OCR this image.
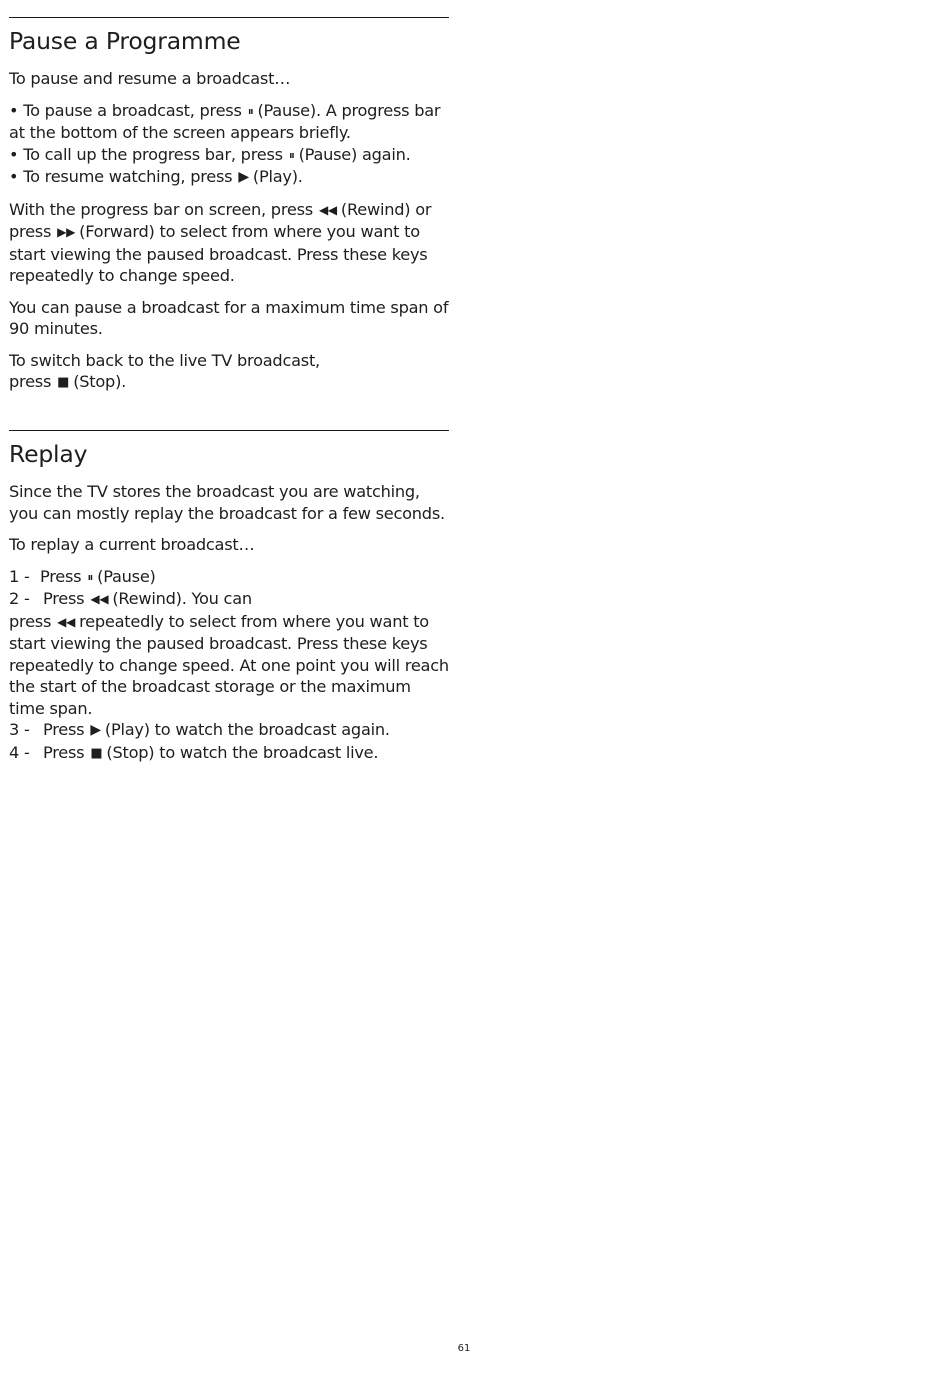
Pause a Programme

To pause and resume a broadcast…

• To pause a broadcast, press ⏸ (Pause). A progress bar at the bottom of the screen appears briefly.
• To call up the progress bar, press ⏸ (Pause) again.
• To resume watching, press ▶ (Play).

With the progress bar on screen, press ◀◀ (Rewind) or press ▶▶ (Forward) to select from where you want to start viewing the paused broadcast. Press these keys repeatedly to change speed.

You can pause a broadcast for a maximum time span of 90 minutes.

To switch back to the live TV broadcast,
press ■ (Stop).

Replay

Since the TV stores the broadcast you are watching, you can mostly replay the broadcast for a few seconds.

To replay a current broadcast…

1 - Press ⏸ (Pause)
2 - Press ◀◀ (Rewind). You can
press ◀◀ repeatedly to select from where you want to start viewing the paused broadcast. Press these keys repeatedly to change speed. At one point you will reach the start of the broadcast storage or the maximum time span.
3 - Press ▶ (Play) to watch the broadcast again.
4 - Press ■ (Stop) to watch the broadcast live.

61
